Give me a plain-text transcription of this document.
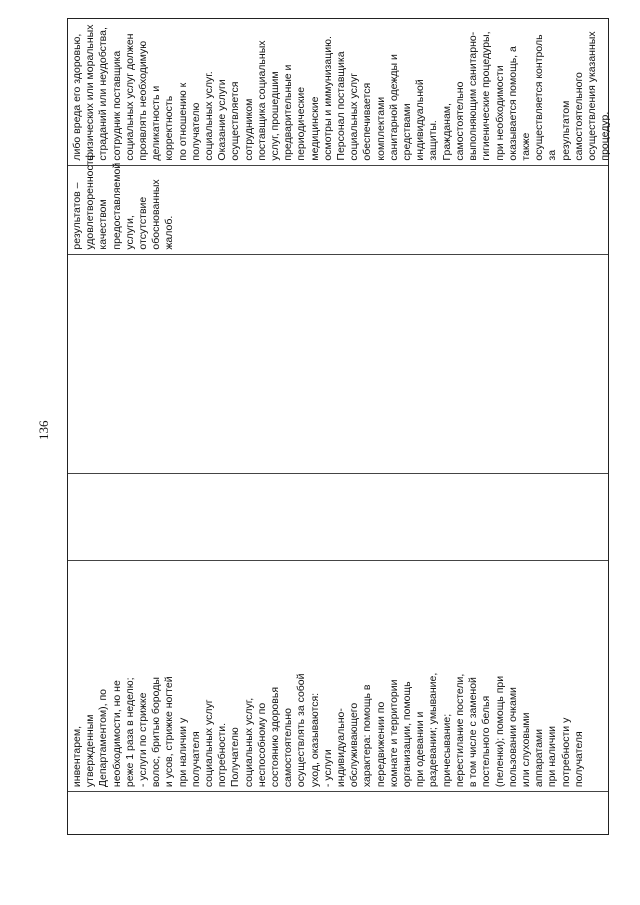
136
инвентарем,
утвержденным
Департаментом), по
необходимости, но не
реже 1 раза в неделю;
- услуги по стрижке
волос, бритью бороды
и усов, стрижке ногтей
при наличии у
получателя
социальных услуг
потребности.
Получателю
социальных услуг,
неспособному по
состоянию здоровья
самостоятельно
осуществлять за собой
уход, оказываются:
- услуги
индивидуально-
обслуживающего
характера: помощь в
передвижении по
комнате и территории
организации, помощь
при одевании и
раздевании; умывание,
причесывание;
перестилание постели,
в том числе с заменой
постельного белья
(пеленки); помощь при
пользовании очками
или слуховыми
аппаратами
при наличии
потребности у
получателя
результатов –
удовлетворенность
качеством
предоставляемой
услуги, отсутствие
обоснованных
жалоб.
либо вреда его здоровью,
физических или моральных
страданий или неудобства,
сотрудник поставщика
социальных услуг должен
проявлять необходимую
деликатность и корректность
по отношению к получателю
социальных услуг.
Оказание услуги
осуществляется сотрудником
поставщика социальных
услуг, прошедшим
предварительные и
периодические медицинские
осмотры и иммунизацию.
Персонал поставщика
социальных услуг
обеспечивается комплектами
санитарной одежды и
средствами индивидуальной
защиты.
Гражданам, самостоятельно
выполняющим санитарно-
гигиенические процедуры,
при необходимости
оказывается помощь, а также
осуществляется контроль за
результатом
самостоятельного
осуществления указанных
процедур.
